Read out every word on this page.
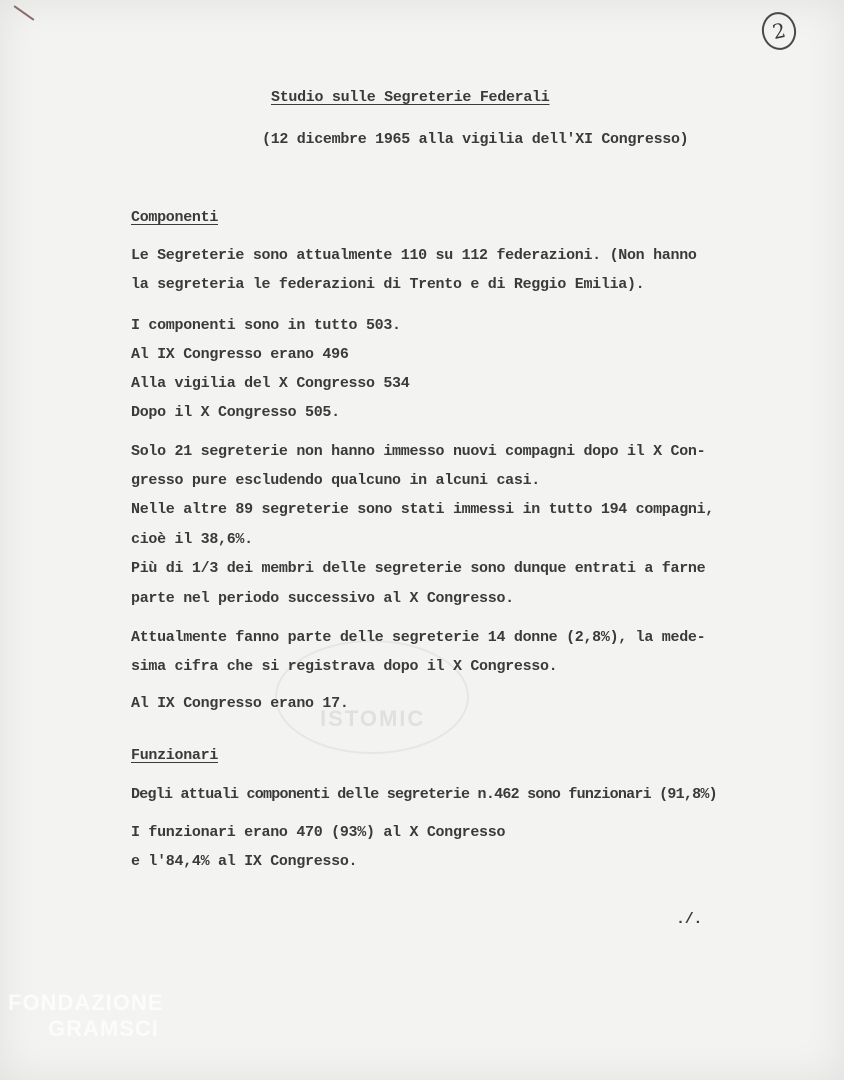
2
ISTOMIC
Studio sulle Segreterie Federali
(12 dicembre 1965 alla vigilia dell'XI Congresso)
Componenti
Le Segreterie sono attualmente 110 su 112 federazioni. (Non hanno
la segreteria le federazioni di Trento e di Reggio Emilia).
I componenti sono in tutto 503.
Al IX Congresso erano 496
Alla vigilia del X Congresso 534
Dopo il X Congresso 505.
Solo 21 segreterie non hanno immesso nuovi compagni dopo il X Con-
gresso pure escludendo qualcuno in alcuni casi.
Nelle altre 89 segreterie sono stati immessi in tutto 194 compagni,
cioè il 38,6%.
Più di 1/3 dei membri delle segreterie sono dunque entrati a farne
parte nel periodo successivo al X Congresso.
Attualmente fanno parte delle segreterie 14 donne (2,8%), la mede-
sima cifra che si registrava dopo il X Congresso.
Al IX Congresso erano 17.
Funzionari
Degli attuali componenti delle segreterie n.462 sono funzionari (91,8%)
I funzionari erano 470 (93%) al X Congresso
e l'84,4% al IX Congresso.
./.
FONDAZIONE
GRAMSCI
